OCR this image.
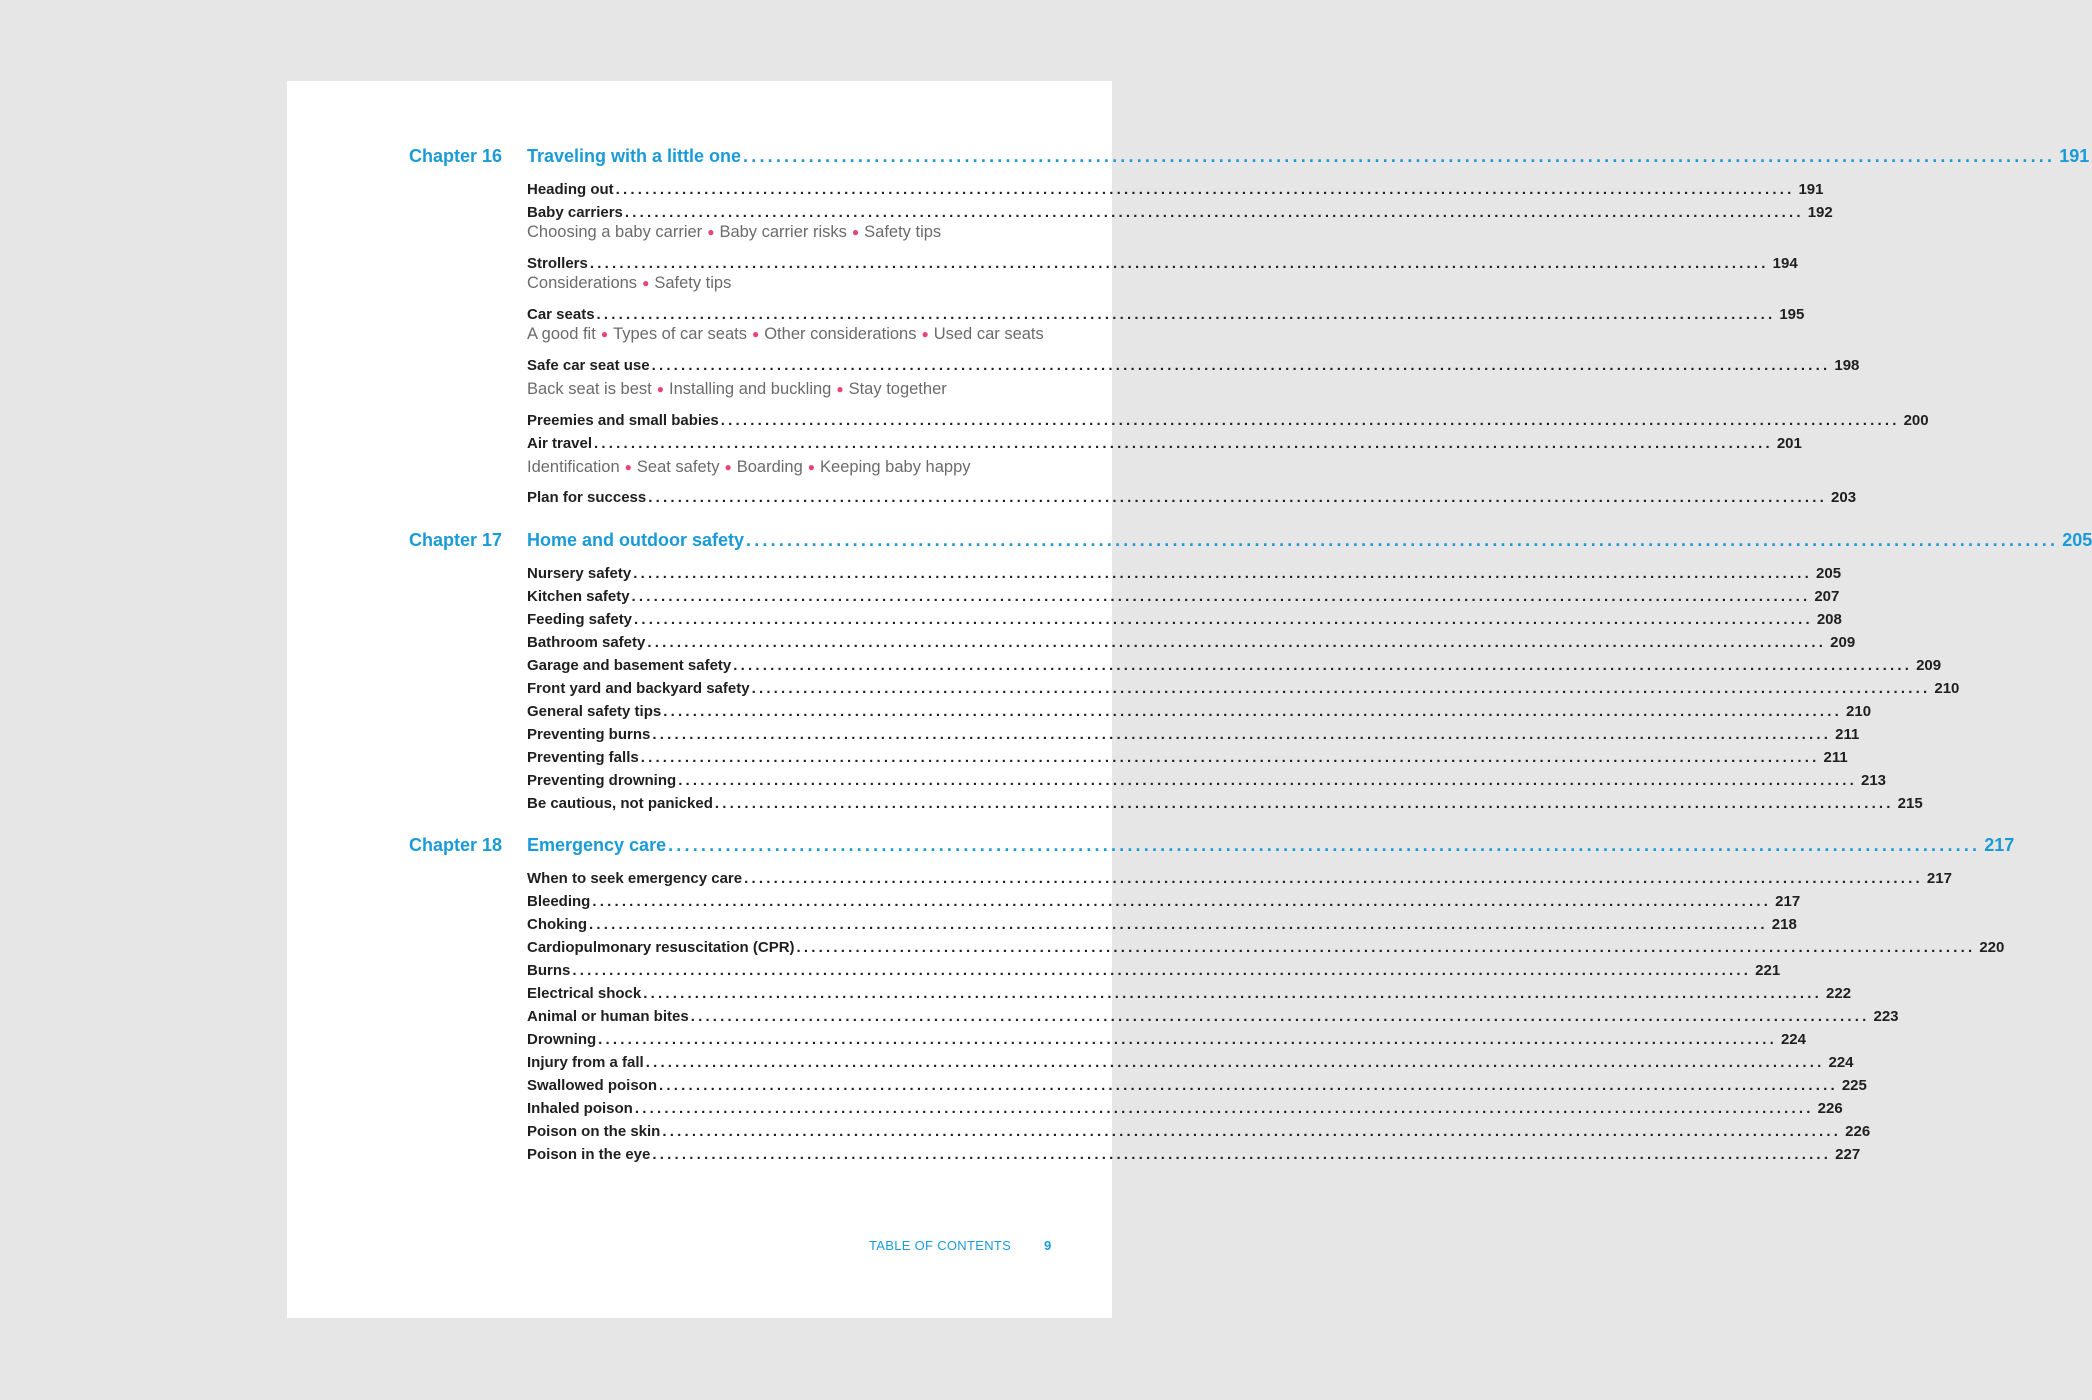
Chapter 16 Traveling with a little one ................................................................................................................................................................ 191
Heading out ................................................................................................................................................................ 191
Baby carriers ................................................................................................................................................................ 192
Choosing a baby carrier ● Baby carrier risks ● Safety tips
Strollers ................................................................................................................................................................ 194
Considerations ● Safety tips
Car seats ................................................................................................................................................................ 195
A good fit ● Types of car seats ● Other considerations ● Used car seats
Safe car seat use ................................................................................................................................................................ 198
Back seat is best ● Installing and buckling ● Stay together
Preemies and small babies ................................................................................................................................................................ 200
Air travel ................................................................................................................................................................ 201
Identification ● Seat safety ● Boarding ● Keeping baby happy
Plan for success ................................................................................................................................................................ 203
Chapter 17 Home and outdoor safety ................................................................................................................................................................ 205
Nursery safety ................................................................................................................................................................ 205
Kitchen safety ................................................................................................................................................................ 207
Feeding safety ................................................................................................................................................................ 208
Bathroom safety ................................................................................................................................................................ 209
Garage and basement safety ................................................................................................................................................................ 209
Front yard and backyard safety ................................................................................................................................................................ 210
General safety tips ................................................................................................................................................................ 210
Preventing burns ................................................................................................................................................................ 211
Preventing falls ................................................................................................................................................................ 211
Preventing drowning ................................................................................................................................................................ 213
Be cautious, not panicked ................................................................................................................................................................ 215
Chapter 18 Emergency care ................................................................................................................................................................ 217
When to seek emergency care ................................................................................................................................................................ 217
Bleeding ................................................................................................................................................................ 217
Choking ................................................................................................................................................................ 218
Cardiopulmonary resuscitation (CPR) ................................................................................................................................................................ 220
Burns ................................................................................................................................................................ 221
Electrical shock ................................................................................................................................................................ 222
Animal or human bites ................................................................................................................................................................ 223
Drowning ................................................................................................................................................................ 224
Injury from a fall ................................................................................................................................................................ 224
Swallowed poison ................................................................................................................................................................ 225
Inhaled poison ................................................................................................................................................................ 226
Poison on the skin ................................................................................................................................................................ 226
Poison in the eye ................................................................................................................................................................ 227
TABLE OF CONTENTS	9
